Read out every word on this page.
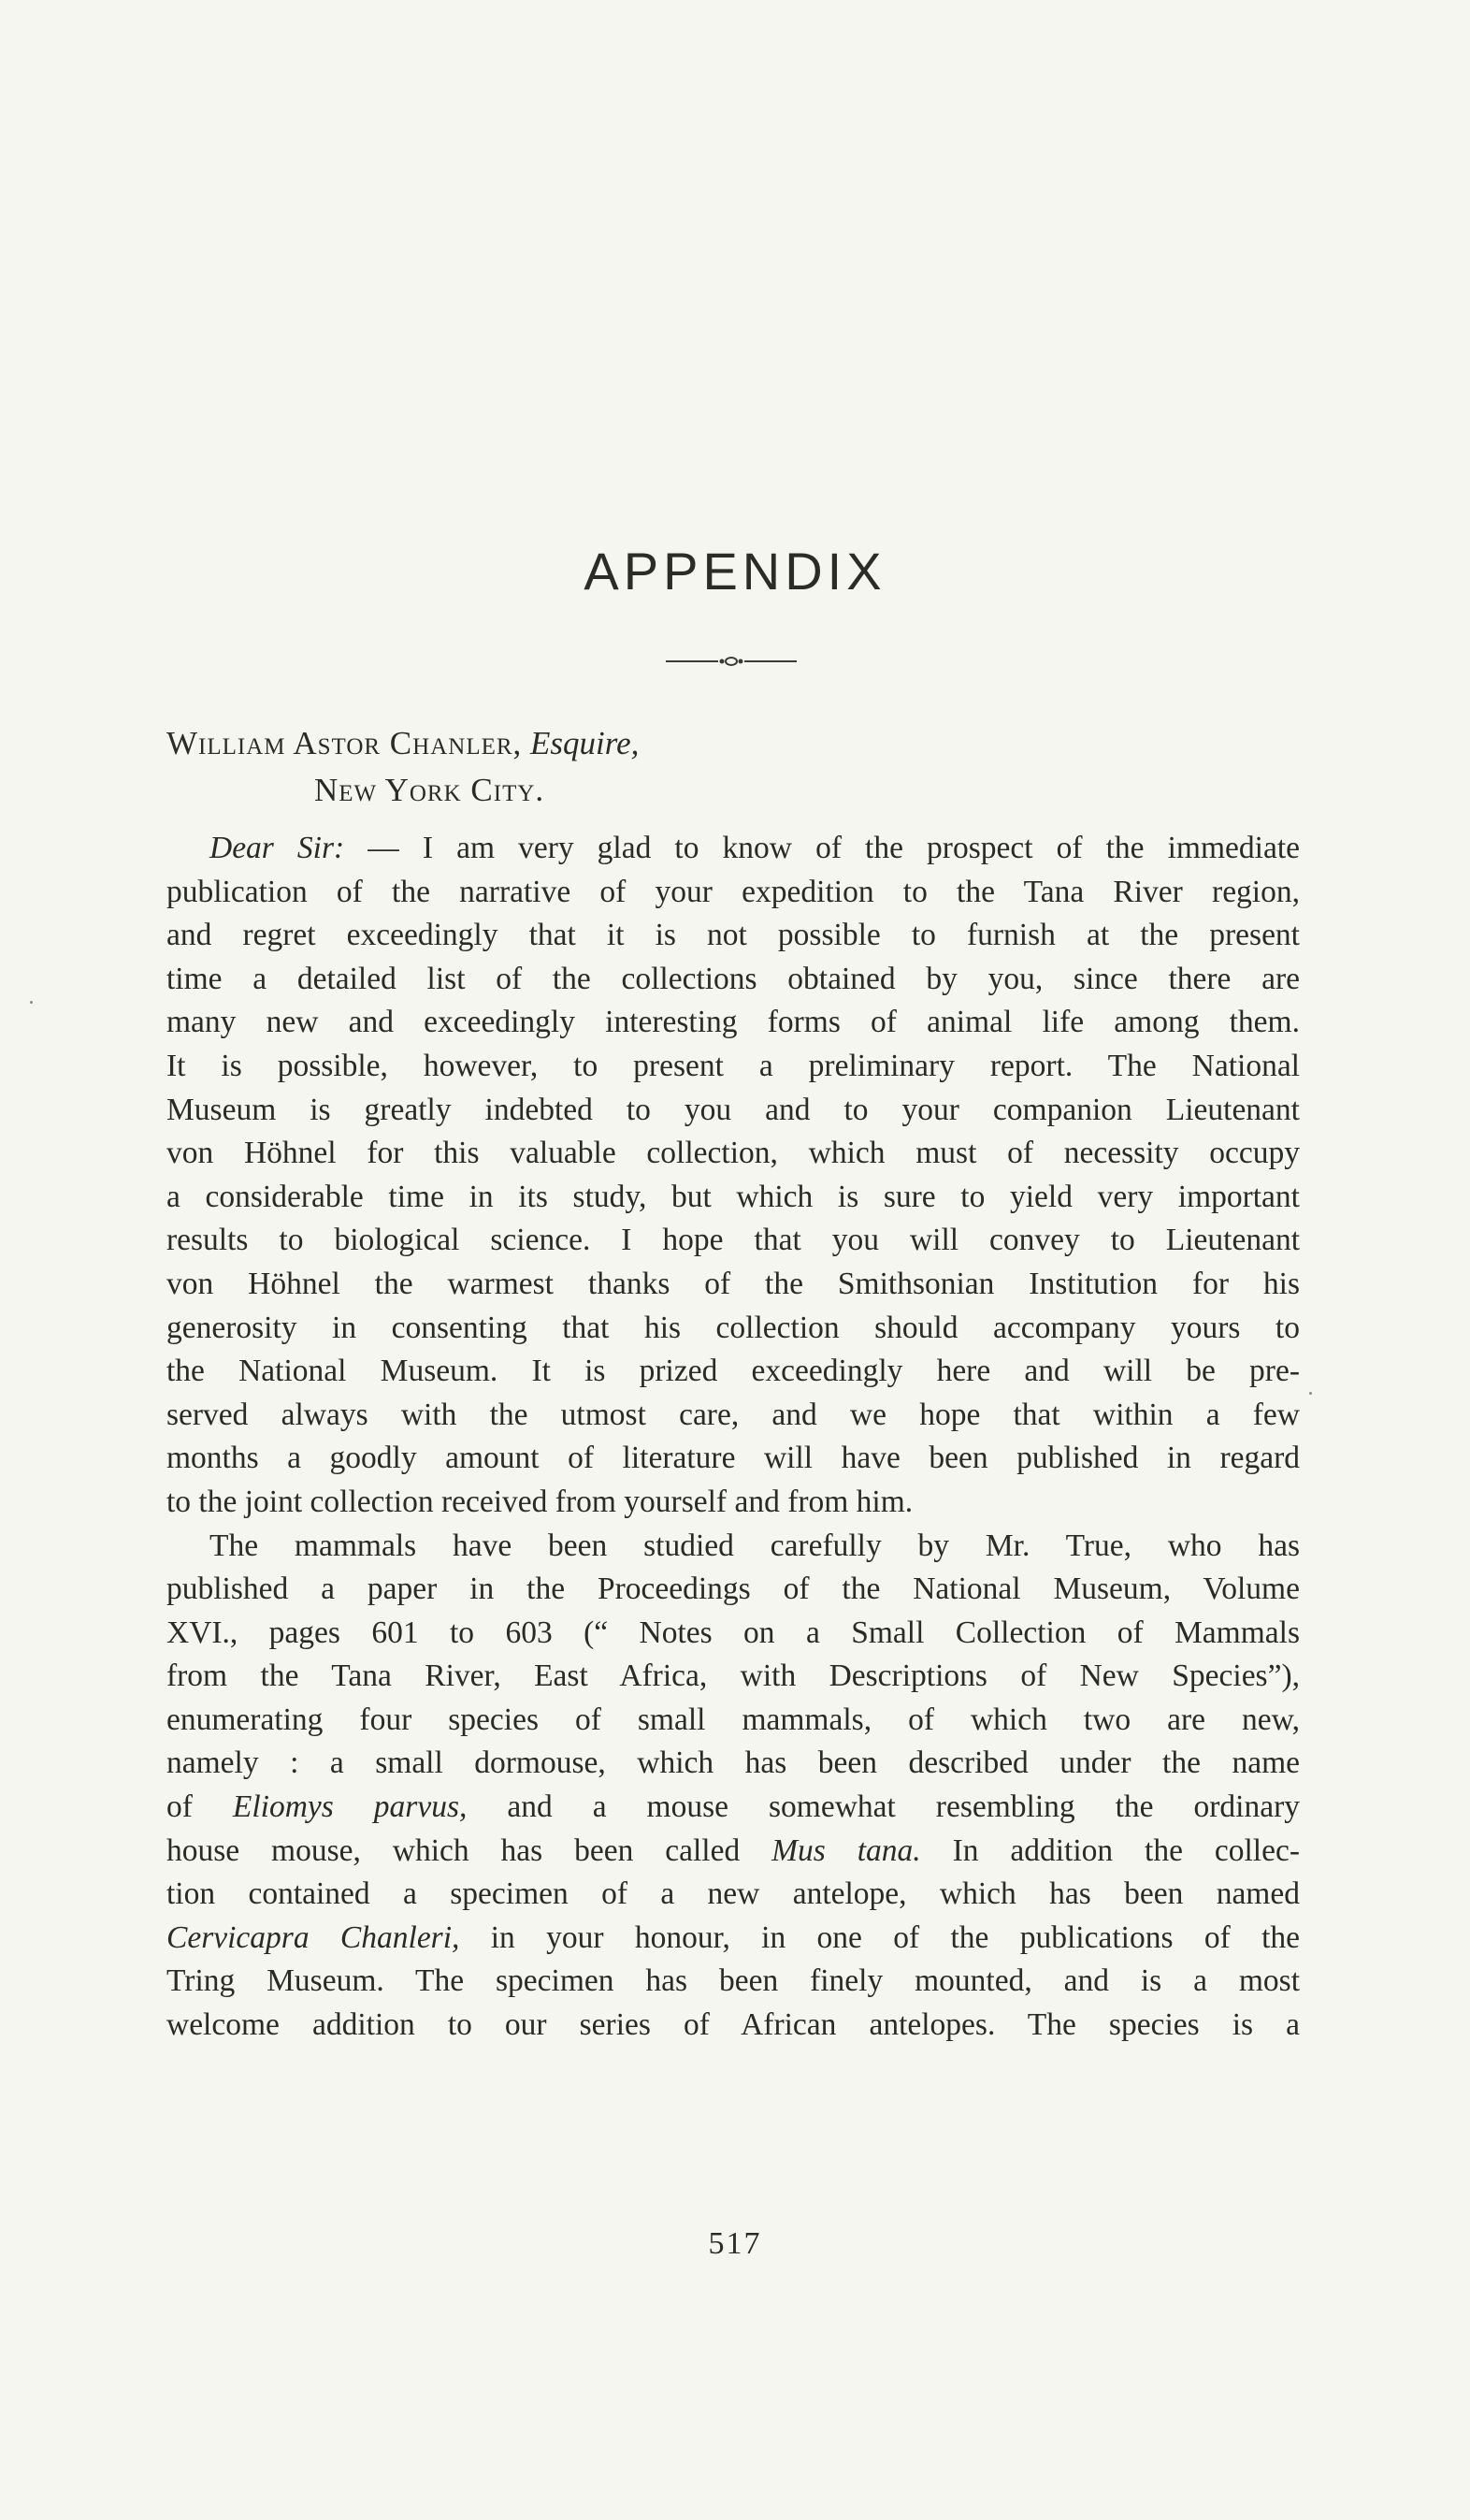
APPENDIX
William Astor Chanler, Esquire,
New York City.
Dear Sir: — I am very glad to know of the prospect of the immediate
publication of the narrative of your expedition to the Tana River region,
and regret exceedingly that it is not possible to furnish at the present
time a detailed list of the collections obtained by you, since there are
many new and exceedingly interesting forms of animal life among them.
It is possible, however, to present a preliminary report. The National
Museum is greatly indebted to you and to your companion Lieutenant
von Höhnel for this valuable collection, which must of necessity occupy
a considerable time in its study, but which is sure to yield very important
results to biological science. I hope that you will convey to Lieutenant
von Höhnel the warmest thanks of the Smithsonian Institution for his
generosity in consenting that his collection should accompany yours to
the National Museum. It is prized exceedingly here and will be pre-
served always with the utmost care, and we hope that within a few
months a goodly amount of literature will have been published in regard
to the joint collection received from yourself and from him.
The mammals have been studied carefully by Mr. True, who has
published a paper in the Proceedings of the National Museum, Volume
XVI., pages 601 to 603 (“ Notes on a Small Collection of Mammals
from the Tana River, East Africa, with Descriptions of New Species”),
enumerating four species of small mammals, of which two are new,
namely : a small dormouse, which has been described under the name
of Eliomys parvus, and a mouse somewhat resembling the ordinary
house mouse, which has been called Mus tana. In addition the collec-
tion contained a specimen of a new antelope, which has been named
Cervicapra Chanleri, in your honour, in one of the publications of the
Tring Museum. The specimen has been finely mounted, and is a most
welcome addition to our series of African antelopes. The species is a
517
